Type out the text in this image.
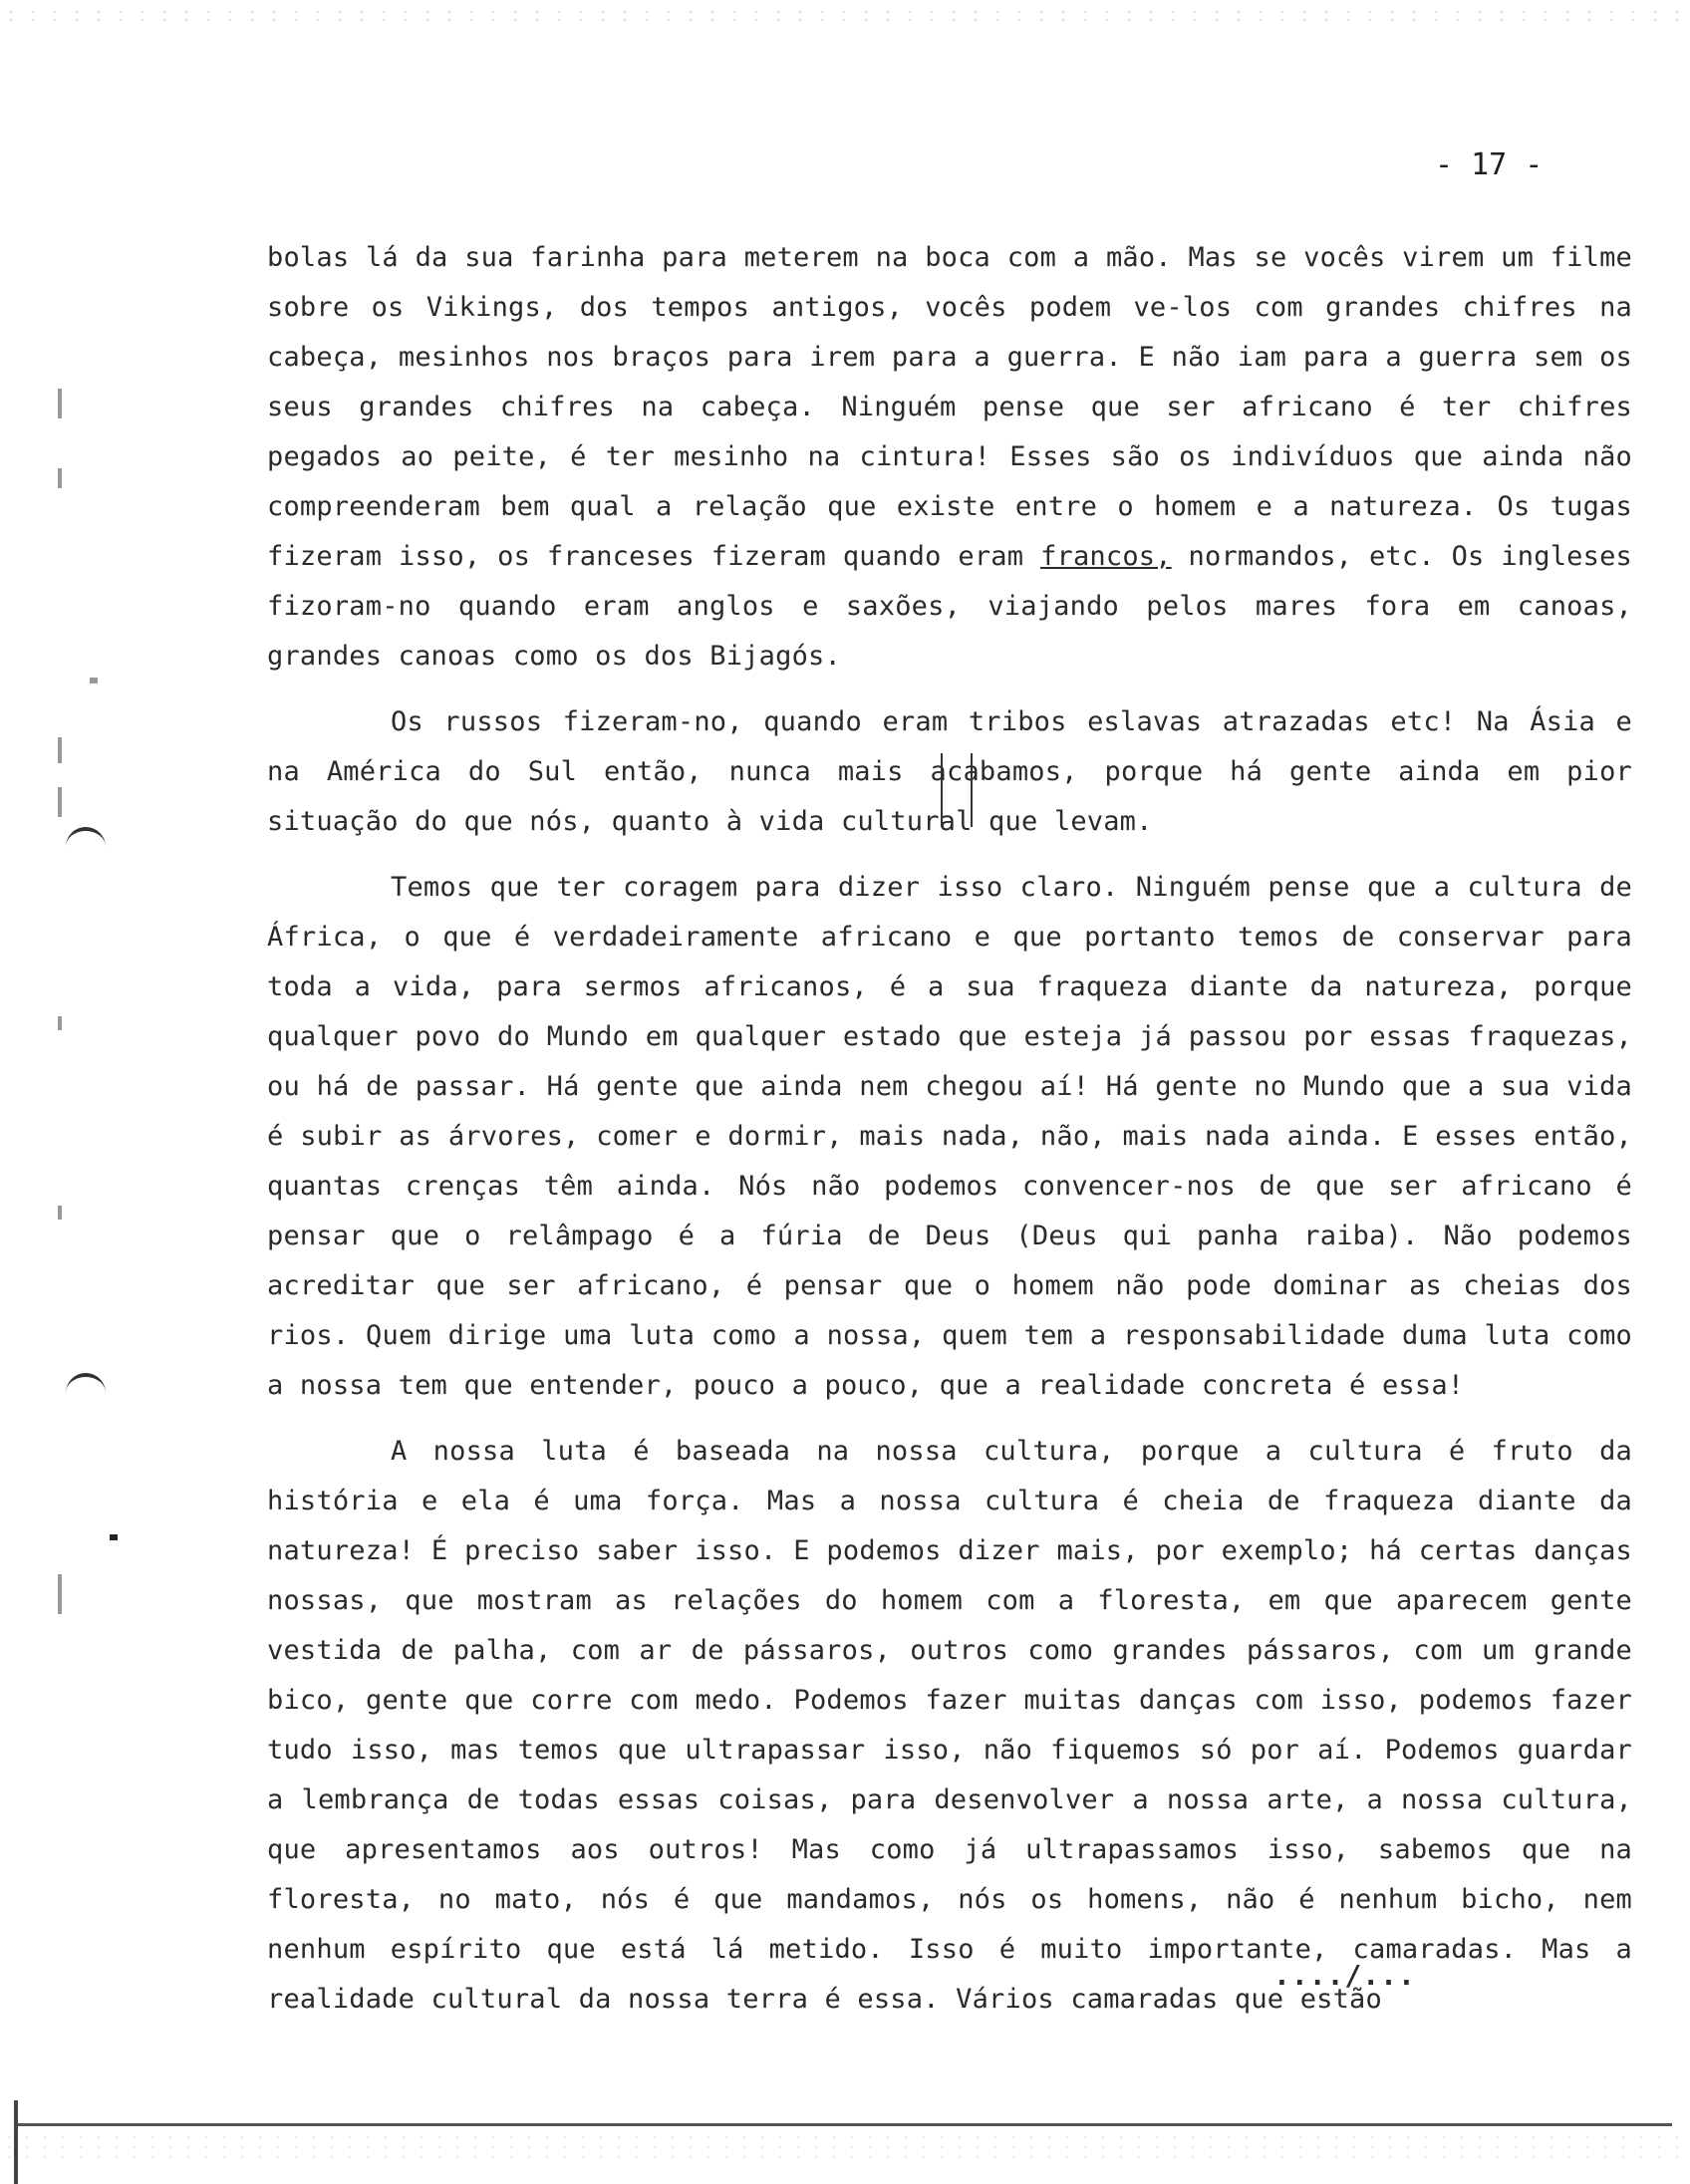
- 17 -

bolas lá da sua farinha para meterem na boca com a mão. Mas se vocês virem um filme sobre os Vikings, dos tempos antigos, vocês podem ve-los com grandes chifres na cabeça, mesinhos nos braços para irem para a guerra. E não iam para a guerra sem os seus grandes chifres na cabeça. Ninguém pense que ser africano é ter chifres pegados ao peite, é ter mesinho na cintura! Esses são os indivíduos que ainda não compreenderam bem qual a relação que existe entre o homem e a natureza. Os tugas fizeram isso, os franceses fizeram quando eram francos, normandos, etc. Os ingleses fizoram-no quando eram anglos e saxões, viajando pelos mares fora em canoas, grandes canoas como os dos Bijagós.

Os russos fizeram-no, quando eram tribos eslavas atrazadas etc! Na Ásia e na América do Sul então, nunca mais acabamos, porque há gente ainda em pior situação do que nós, quanto à vida cultural que levam.

Temos que ter coragem para dizer isso claro. Ninguém pense que a cultura de África, o que é verdadeiramente africano e que portanto temos de conservar para toda a vida, para sermos africanos, é a sua fraqueza diante da natureza, porque qualquer povo do Mundo em qualquer estado que esteja já passou por essas fraquezas, ou há de passar. Há gente que ainda nem chegou aí! Há gente no Mundo que a sua vida é subir as árvores, comer e dormir, mais nada, não, mais nada ainda. E esses então, quantas crenças têm ainda. Nós não podemos convencer-nos de que ser africano é pensar que o relâmpago é a fúria de Deus (Deus qui panha raiba). Não podemos acreditar que ser africano, é pensar que o homem não pode dominar as cheias dos rios. Quem dirige uma luta como a nossa, quem tem a responsabilidade duma luta como a nossa tem que entender, pouco a pouco, que a realidade concreta é essa!

A nossa luta é baseada na nossa cultura, porque a cultura é fruto da história e ela é uma força. Mas a nossa cultura é cheia de fraqueza diante da natureza! É preciso saber isso. E podemos dizer mais, por exemplo; há certas danças nossas, que mostram as relações do homem com a floresta, em que aparecem gente vestida de palha, com ar de pássaros, outros como grandes pássaros, com um grande bico, gente que corre com medo. Podemos fazer muitas danças com isso, podemos fazer tudo isso, mas temos que ultrapassar isso, não fiquemos só por aí. Podemos guardar a lembrança de todas essas coisas, para desenvolver a nossa arte, a nossa cultura, que apresentamos aos outros! Mas como já ultrapassamos isso, sabemos que na floresta, no mato, nós é que mandamos, nós os homens, não é nenhum bicho, nem nenhum espírito que está lá metido. Isso é muito importante, camaradas. Mas a realidade cultural da nossa terra é essa. Vários camaradas que estão

..../...
